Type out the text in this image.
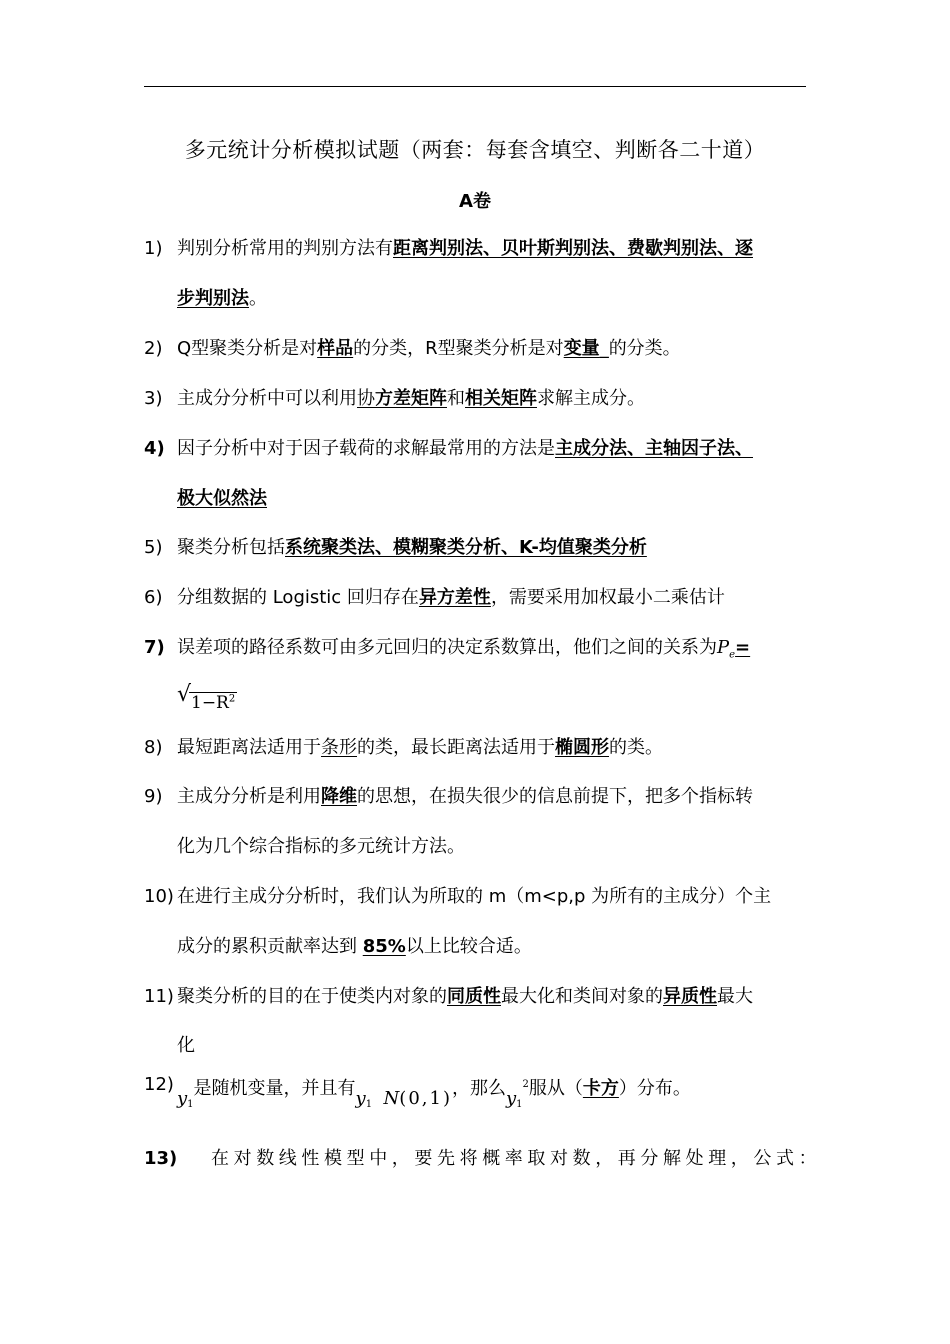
多元统计分析模拟试题（两套：每套含填空、判断各二十道）
A卷
1) 判别分析常用的判别方法有距离判别法、贝叶斯判别法、费歇判别法、逐
步判别法。
2) Q型聚类分析是对样品的分类，R型聚类分析是对变量_的分类。
3) 主成分分析中可以利用协方差矩阵和相关矩阵求解主成分。
4) 因子分析中对于因子载荷的求解最常用的方法是主成分法、主轴因子法、
极大似然法
5) 聚类分析包括系统聚类法、模糊聚类分析、K-均值聚类分析
6) 分组数据的 Logistic 回归存在异方差性，需要采用加权最小二乘估计
7) 误差项的路径系数可由多元回归的决定系数算出，他们之间的关系为$P_e=$
√ $1-R^2$
8) 最短距离法适用于条形的类，最长距离法适用于椭圆形的类。
9) 主成分分析是利用降维的思想，在损失很少的信息前提下，把多个指标转
化为几个综合指标的多元统计方法。
10) 在进行主成分分析时，我们认为所取的 m（m<p,p 为所有的主成分）个主
成分的累积贡献率达到 85%以上比较合适。
11) 聚类分析的目的在于使类内对象的同质性最大化和类间对象的异质性最大
化
12)
$y_1$是随机变量，并且有$y_1$ N(0,1)，那么$y_1^2$服从（卡方）分布。
13) 在对数线性模型中，要先将概率取对数，再分解处理，公式：
